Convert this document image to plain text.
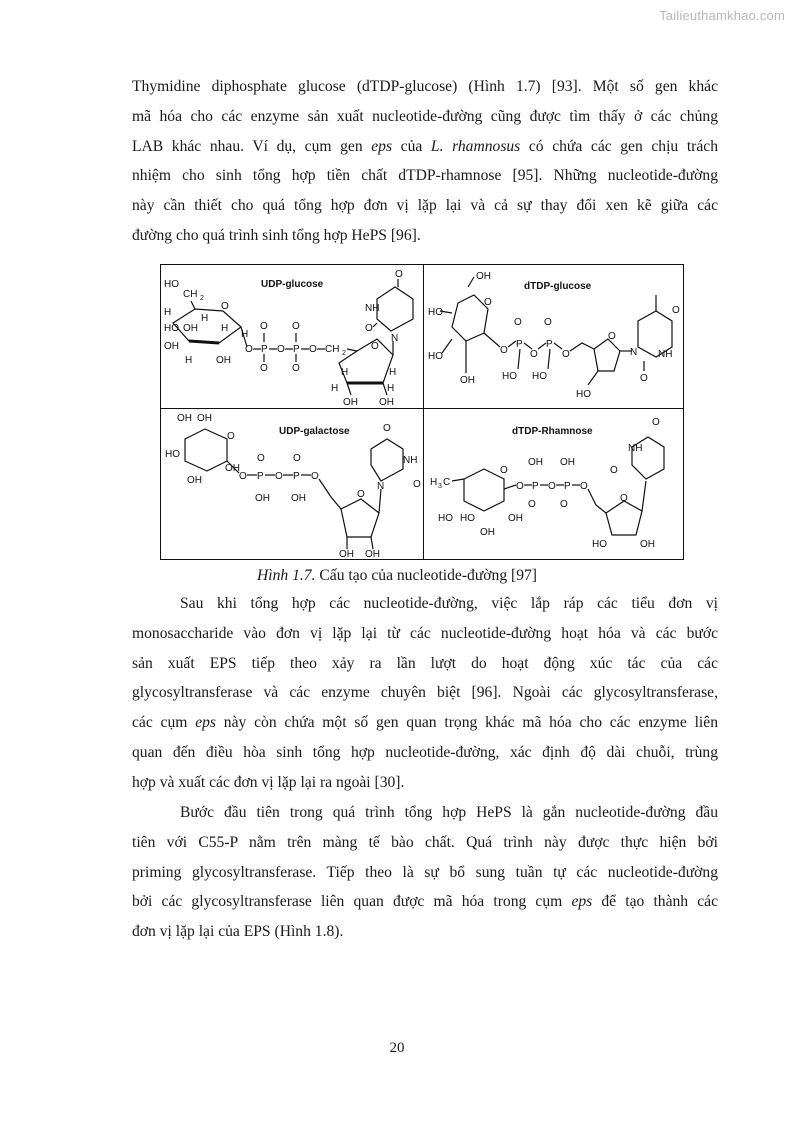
Tailieuthamkhao.com
Thymidine diphosphate glucose (dTDP-glucose) (Hình 1.7) [93]. Một số gen khác
mã hóa cho các enzyme sản xuất nucleotide-đường cũng được tìm thấy ở các chủng
LAB khác nhau. Ví dụ, cụm gen eps của L. rhamnosus có chứa các gen chịu trách
nhiệm cho sinh tổng hợp tiền chất dTDP-rhamnose [95]. Những nucleotide-đường
này cần thiết cho quá tổng hợp đơn vị lặp lại và cả sự thay đổi xen kẽ giữa các
đường cho quá trình sinh tổng hợp HePS [96].
UDP-glucose
HO
CH 2
O
H
H
OH
HO	H
OH
H OH
H
O P
O
O
O P
O
O
O CH 2
O
H	H
H	H
OH OH
N
NH
O
O
dTDP-glucose
OH
O
HO
HO
OH
O
P
O
HO
O
P
O
HO
O
O
HO
N NH
O
O
UDP-galactose
OH OH
O
HO
OH
OH
O P
O
OH
O P
O
OH
O
O
OH OH
N
NH
O
O	dTDP-Rhamnose
H 3 C
O
HO HO	OH
OH
O P
OH
O
O P
OH
O
O
O
HO	OH
NH
O
O
Hình 1.7. Cấu tạo của nucleotide-đường [97]
Sau khi tổng hợp các nucleotide-đường, việc lắp ráp các tiểu đơn vị
monosaccharide vào đơn vị lặp lại từ các nucleotide-đường hoạt hóa và các bước
sản xuất EPS tiếp theo xảy ra lần lượt do hoạt động xúc tác của các
glycosyltransferase và các enzyme chuyên biệt [96]. Ngoài các glycosyltransferase,
các cụm eps này còn chứa một số gen quan trọng khác mã hóa cho các enzyme liên
quan đến điều hòa sinh tổng hợp nucleotide-đường, xác định độ dài chuỗi, trùng
hợp và xuất các đơn vị lặp lại ra ngoài [30].
Bước đầu tiên trong quá trình tổng hợp HePS là gắn nucleotide-đường đầu
tiên với C55-P nằm trên màng tế bào chất. Quá trình này được thực hiện bởi
priming glycosyltransferase. Tiếp theo là sự bổ sung tuần tự các nucleotide-đường
bởi các glycosyltransferase liên quan được mã hóa trong cụm eps để tạo thành các
đơn vị lặp lại của EPS (Hình 1.8).
20
